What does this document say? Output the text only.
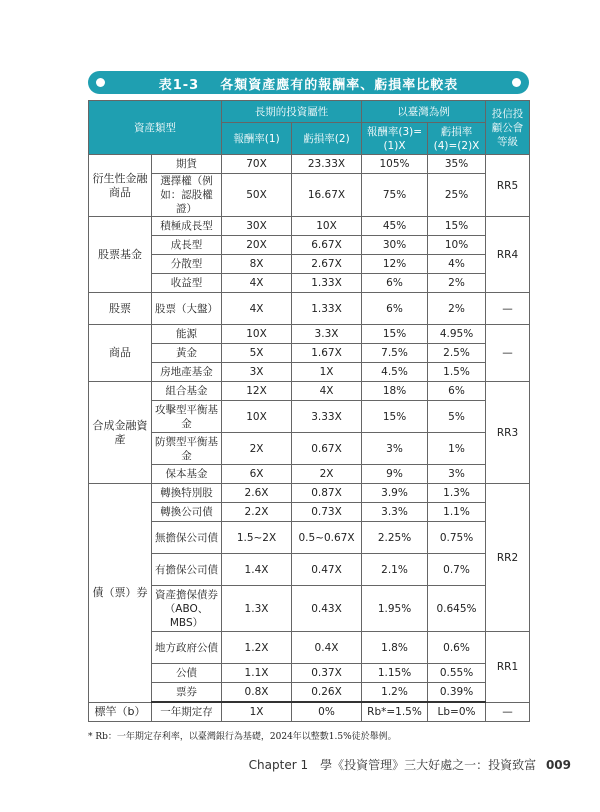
表1-3 各類資產應有的報酬率、虧損率比較表
資產類型		長期的投資屬性		以臺灣為例		投信投顧公會等級
		報酬率(1)	虧損率(2)	報酬率(3)=(1)X	虧損率(4)=(2)X	
衍生性金融商品	期貨	70X	23.33X	105%	35%	RR5
	選擇權（例如：認股權證）	50X	16.67X	75%	25%	
股票基金	積極成長型	30X	10X	45%	15%	RR4
	成長型	20X	6.67X	30%	10%	
	分散型	8X	2.67X	12%	4%	
	收益型	4X	1.33X	6%	2%	
股票	股票（大盤）	4X	1.33X	6%	2%	—
商品	能源	10X	3.3X	15%	4.95%	—
	黃金	5X	1.67X	7.5%	2.5%	
	房地產基金	3X	1X	4.5%	1.5%	
合成金融資產	組合基金	12X	4X	18%	6%	RR3
	攻擊型平衡基金	10X	3.33X	15%	5%	
	防禦型平衡基金	2X	0.67X	3%	1%	
	保本基金	6X	2X	9%	3%	
債（票）券	轉換特別股	2.6X	0.87X	3.9%	1.3%	RR2
	轉換公司債	2.2X	0.73X	3.3%	1.1%	
	無擔保公司債	1.5~2X	0.5~0.67X	2.25%	0.75%	
	有擔保公司債	1.4X	0.47X	2.1%	0.7%	
	資產擔保債券（ABO、MBS）	1.3X	0.43X	1.95%	0.645%	
	地方政府公債	1.2X	0.4X	1.8%	0.6%	RR1
	公債	1.1X	0.37X	1.15%	0.55%	
	票券	0.8X	0.26X	1.2%	0.39%	
標竿（b）	一年期定存	1X	0%	Rb*=1.5%	Lb=0%	—
* Rb：一年期定存利率，以臺灣銀行為基礎，2024年以整數1.5%徒於舉例。
Chapter 1　學《投資管理》三大好處之一：投資致富 009
